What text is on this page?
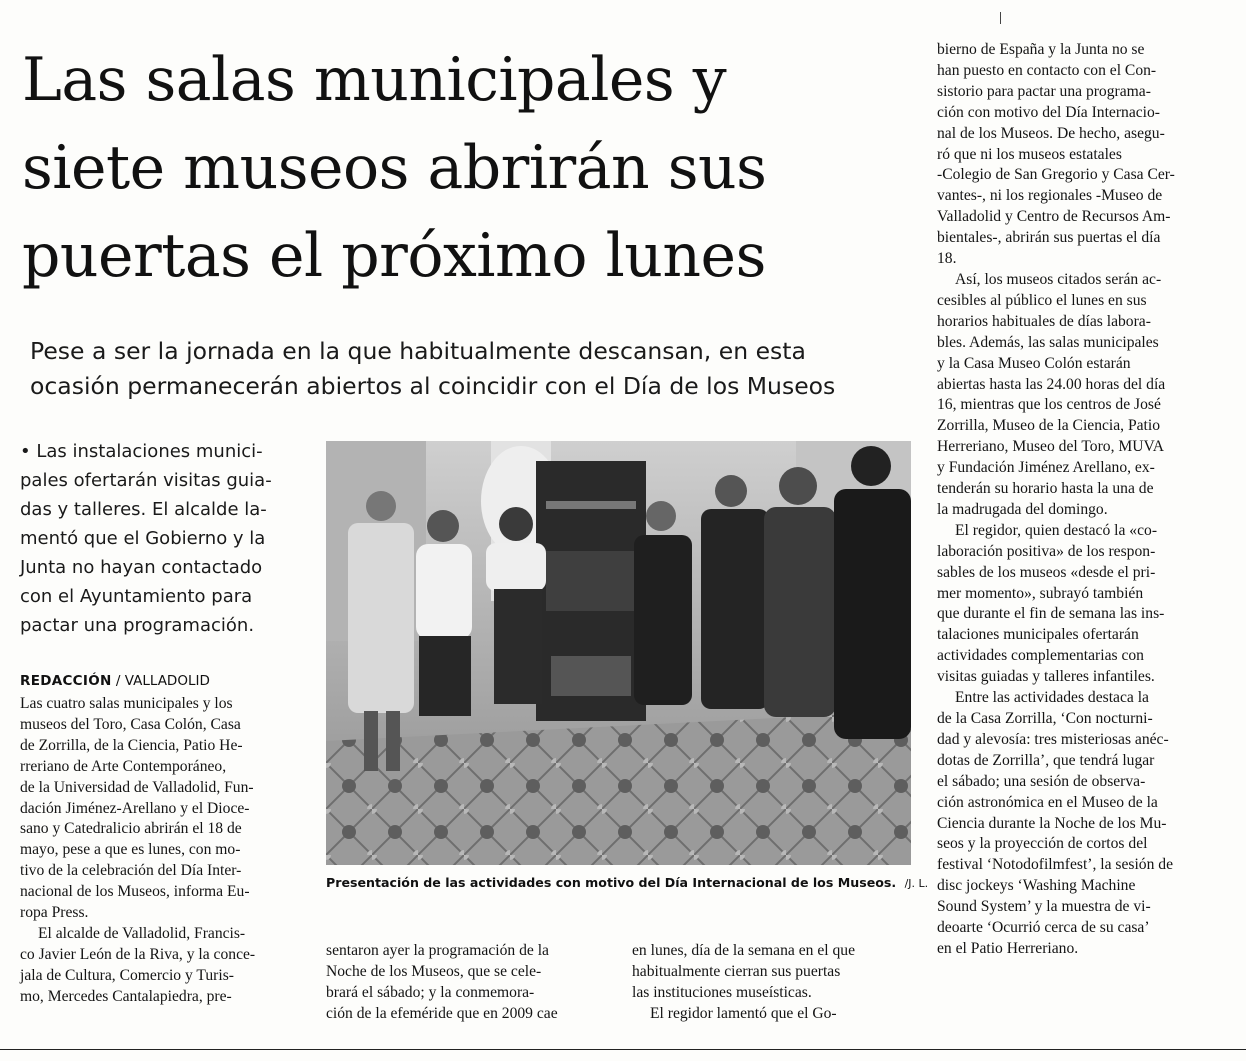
Las salas municipales y
siete museos abrirán sus
puertas el próximo lunes
Pese a ser la jornada en la que habitualmente descansan, en esta
ocasión permanecerán abiertos al coincidir con el Día de los Museos
• Las instalaciones munici-
pales ofertarán visitas guia-
das y talleres. El alcalde la-
mentó que el Gobierno y la
Junta no hayan contactado
con el Ayuntamiento para
pactar una programación.
REDACCIÓN / VALLADOLID
Las cuatro salas municipales y los
museos del Toro, Casa Colón, Casa
de Zorrilla, de la Ciencia, Patio He-
rreriano de Arte Contemporáneo,
de la Universidad de Valladolid, Fun-
dación Jiménez-Arellano y el Dioce-
sano y Catedralicio abrirán el 18 de
mayo, pese a que es lunes, con mo-
tivo de la celebración del Día Inter-
nacional de los Museos, informa Eu-
ropa Press.
El alcalde de Valladolid, Francis-
co Javier León de la Riva, y la conce-
jala de Cultura, Comercio y Turis-
mo, Mercedes Cantalapiedra, pre-
Presentación de las actividades con motivo del Día Internacional de los Museos. /J. L.
sentaron ayer la programación de la
Noche de los Museos, que se cele-
brará el sábado; y la conmemora-
ción de la efeméride que en 2009 cae
en lunes, día de la semana en el que
habitualmente cierran sus puertas
las instituciones museísticas.
El regidor lamentó que el Go-
bierno de España y la Junta no se
han puesto en contacto con el Con-
sistorio para pactar una programa-
ción con motivo del Día Internacio-
nal de los Museos. De hecho, asegu-
ró que ni los museos estatales
-Colegio de San Gregorio y Casa Cer-
vantes-, ni los regionales -Museo de
Valladolid y Centro de Recursos Am-
bientales-, abrirán sus puertas el día
18.
Así, los museos citados serán ac-
cesibles al público el lunes en sus
horarios habituales de días labora-
bles. Además, las salas municipales
y la Casa Museo Colón estarán
abiertas hasta las 24.00 horas del día
16, mientras que los centros de José
Zorrilla, Museo de la Ciencia, Patio
Herreriano, Museo del Toro, MUVA
y Fundación Jiménez Arellano, ex-
tenderán su horario hasta la una de
la madrugada del domingo.
El regidor, quien destacó la «co-
laboración positiva» de los respon-
sables de los museos «desde el pri-
mer momento», subrayó también
que durante el fin de semana las ins-
talaciones municipales ofertarán
actividades complementarias con
visitas guiadas y talleres infantiles.
Entre las actividades destaca la
de la Casa Zorrilla, ‘Con nocturni-
dad y alevosía: tres misteriosas anéc-
dotas de Zorrilla’, que tendrá lugar
el sábado; una sesión de observa-
ción astronómica en el Museo de la
Ciencia durante la Noche de los Mu-
seos y la proyección de cortos del
festival ‘Notodofilmfest’, la sesión de
disc jockeys ‘Washing Machine
Sound System’ y la muestra de vi-
deoarte ‘Ocurrió cerca de su casa’
en el Patio Herreriano.
